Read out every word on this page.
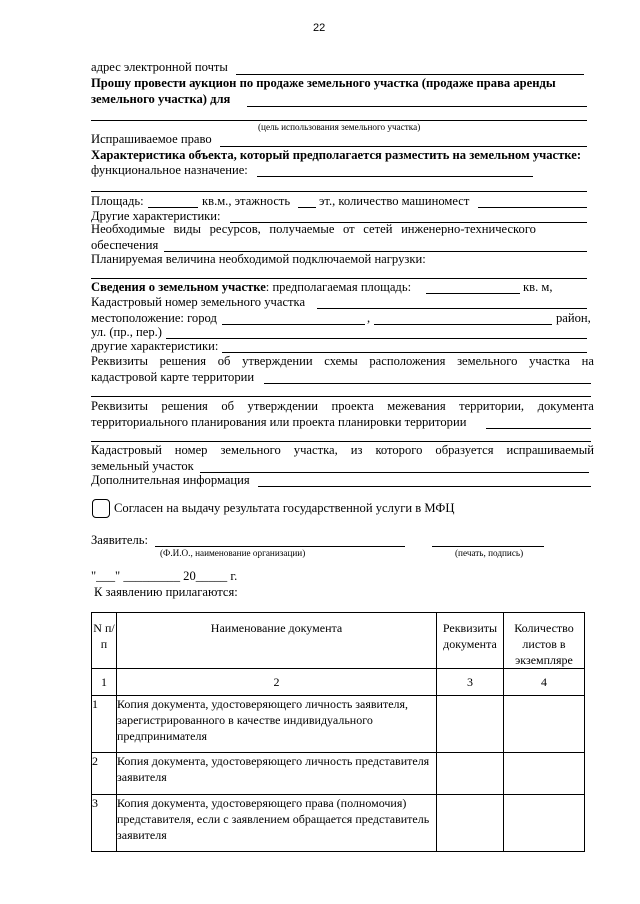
22
адрес электронной почты
Прошу провести аукцион по продаже земельного участка (продаже права аренды
земельного участка) для
(цель использования земельного участка)
Испрашиваемое право
Характеристика объекта, который предполагается разместить на земельном участке:
функциональное назначение:
Площадь:	кв.м., этажность эт., количество машиномест
Другие характеристики:
Необходимые виды ресурсов, получаемые от сетей инженерно-технического
обеспечения
Планируемая величина необходимой подключаемой нагрузки:
Сведения о земельном участке: предполагаемая площадь:	кв. м,
Кадастровый номер земельного участка
местоположение: город	,	район,
ул. (пр., пер.)
другие характеристики:
Реквизиты решения об утверждении схемы расположения земельного участка на
кадастровой карте территории
Реквизиты решения об утверждении проекта межевания территории, документа
территориального планирования или проекта планировки территории
Кадастровый номер земельного участка, из которого образуется испрашиваемый
земельный участок
Дополнительная информация
Согласен на выдачу результата государственной услуги в МФЦ
Заявитель:
(Ф.И.О., наименование организации)	(печать, подпись)
"___" _________ 20_____ г.
К заявлению прилагаются:
N п/п	Наименование документа	Реквизиты документа	Количество листов в экземпляре
1	2	3	4
1	Копия документа, удостоверяющего личность заявителя, зарегистрированного в качестве индивидуального предпринимателя		
2	Копия документа, удостоверяющего личность представителя заявителя		
3	Копия документа, удостоверяющего права (полномочия) представителя, если с заявлением обращается представитель заявителя		
